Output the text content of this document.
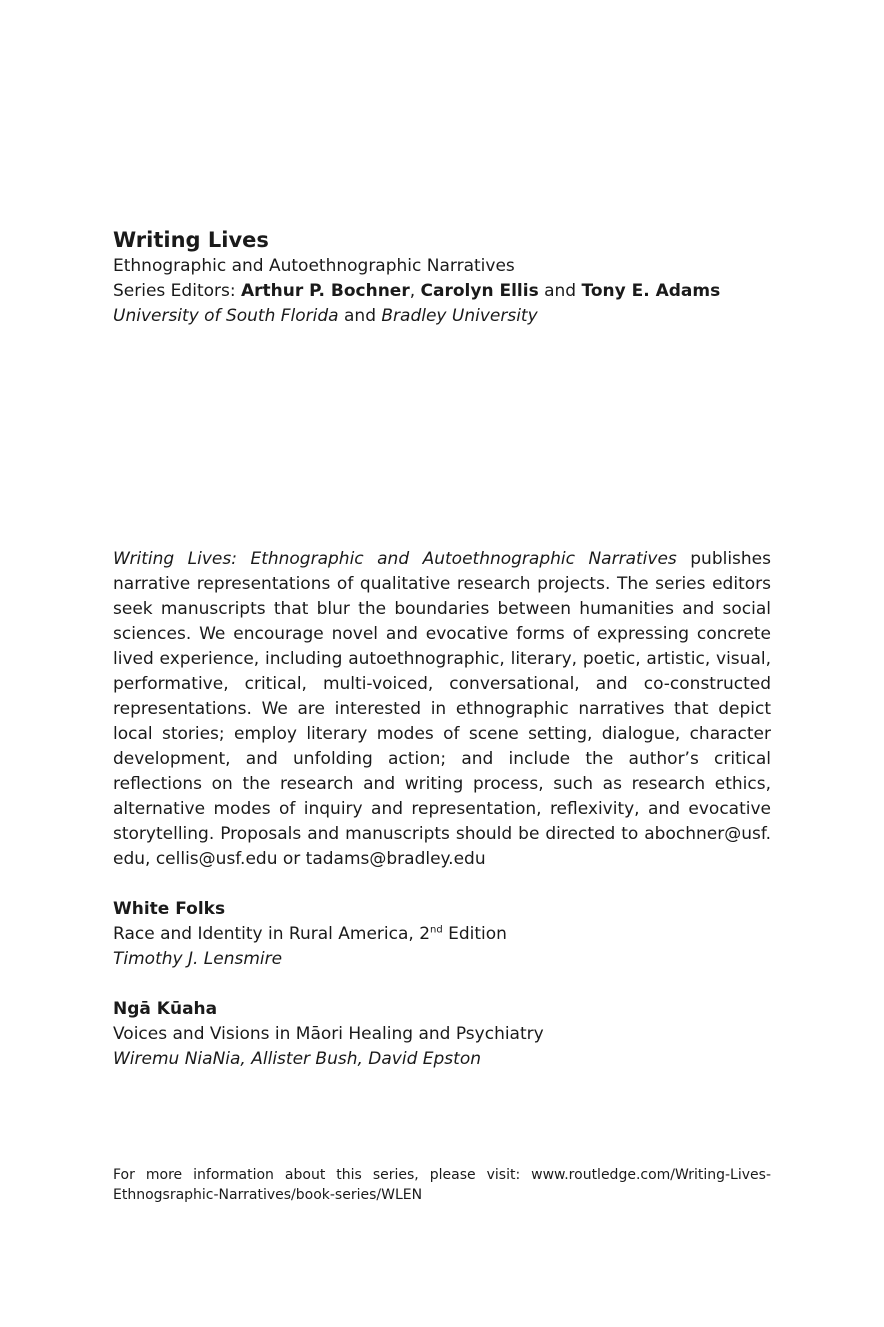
Writing Lives
Ethnographic and Autoethnographic Narratives
Series Editors: Arthur P. Bochner, Carolyn Ellis and Tony E. Adams
University of South Florida and Bradley University

Writing Lives: Ethnographic and Autoethnographic Narratives publishes narrative representations of qualitative research projects. The series editors seek manuscripts that blur the boundaries between humanities and social sciences. We encourage novel and evocative forms of expressing concrete lived experience, including autoethnographic, literary, poetic, artistic, visual, performative, critical, multi-voiced, conversational, and co-constructed representations. We are interested in ethnographic narratives that depict local stories; employ literary modes of scene setting, dialogue, character development, and unfolding action; and include the author’s critical reflections on the research and writing process, such as research ethics, alternative modes of inquiry and representation, reflexivity, and evocative storytelling. Proposals and manuscripts should be directed to abochner@usf. edu, cellis@usf.edu or tadams@bradley.edu

White Folks
Race and Identity in Rural America, 2nd Edition
Timothy J. Lensmire
Ngā Kūaha
Voices and Visions in Māori Healing and Psychiatry
Wiremu NiaNia, Allister Bush, David Epston

For more information about this series, please visit: www.routledge.com/Writing-Lives-Ethnogsraphic-Narratives/book-series/WLEN
